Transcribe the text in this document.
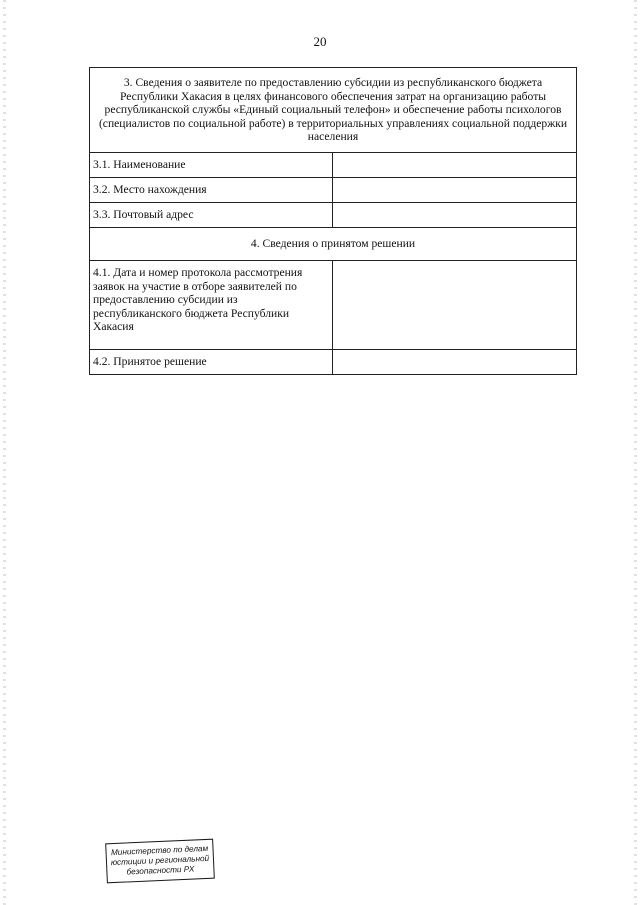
20
3. Сведения о заявителе по предоставлению субсидии из республиканского бюджета Республики Хакасия в целях финансового обеспечения затрат на организацию работы республиканской службы «Единый социальный телефон» и обеспечение работы психологов (специалистов по социальной работе) в территориальных управлениях социальной поддержки населения	
3.1. Наименование	
3.2. Место нахождения	
3.3. Почтовый адрес	
4. Сведения о принятом решении	
4.1. Дата и номер протокола рассмотрения заявок на участие в отборе заявителей по предоставлению субсидии из республиканского бюджета Республики Хакасия	
4.2. Принятое решение	
Министерство по делам
юстиции и региональной
безопасности РХ
